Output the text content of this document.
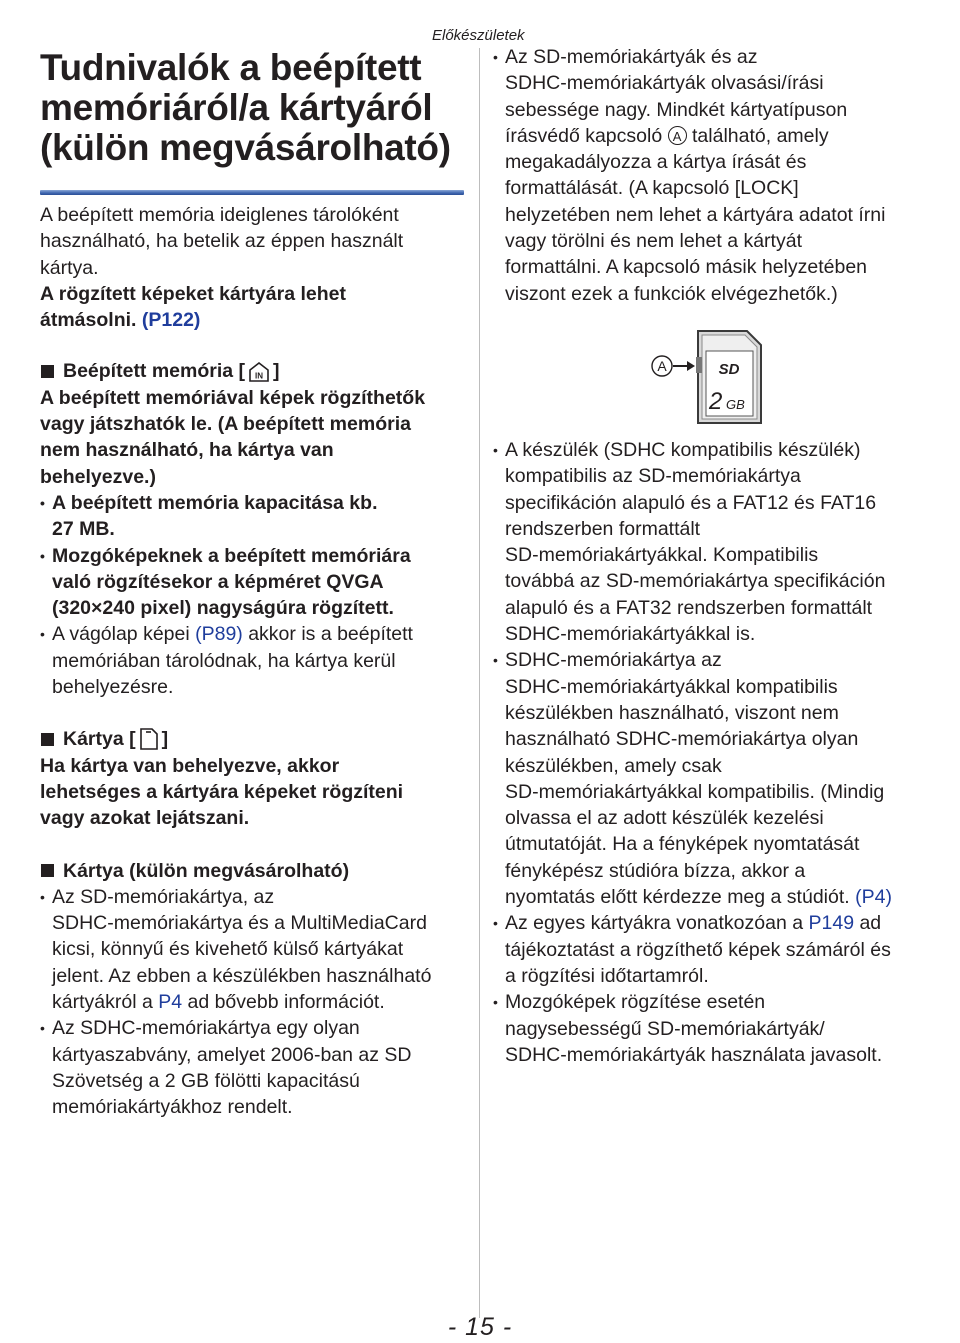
Előkészületek
Tudnivalók a beépített
memóriáról/a kártyáról
(külön megvásárolható)
A beépített memória ideiglenes tárolóként
használható, ha betelik az éppen használt
kártya.
A rögzített képeket kártyára lehet
átmásolni. (P122)
Beépített memória [ IN ]
A beépített memóriával képek rögzíthetők
vagy játszhatók le. (A beépített memória
nem használható, ha kártya van
behelyezve.)
• A beépített memória kapacitása kb.
27 MB.
• Mozgóképeknek a beépített memóriára
való rögzítésekor a képméret QVGA
(320×240 pixel) nagyságúra rögzített.
• A vágólap képei (P89) akkor is a beépített
memóriában tárolódnak, ha kártya kerül
behelyezésre.
Kártya [ ]
Ha kártya van behelyezve, akkor
lehetséges a kártyára képeket rögzíteni
vagy azokat lejátszani.
Kártya (külön megvásárolható)
• Az SD-memóriakártya, az
SDHC-memóriakártya és a MultiMediaCard
kicsi, könnyű és kivehető külső kártyákat
jelent. Az ebben a készülékben használható
kártyákról a P4 ad bővebb információt.
• Az SDHC-memóriakártya egy olyan
kártyaszabvány, amelyet 2006-ban az SD
Szövetség a 2 GB fölötti kapacitású
memóriakártyákhoz rendelt.
• Az SD-memóriakártyák és az
SDHC-memóriakártyák olvasási/írási
sebessége nagy. Mindkét kártyatípuson
írásvédő kapcsoló A található, amely
megakadályozza a kártya írását és
formattálását. (A kapcsoló [LOCK]
helyzetében nem lehet a kártyára adatot írni
vagy törölni és nem lehet a kártyát
formattálni. A kapcsoló másik helyzetében
viszont ezek a funkciók elvégezhetők.)
A	SD
2 GB
• A készülék (SDHC kompatibilis készülék)
kompatibilis az SD-memóriakártya
specifikáción alapuló és a FAT12 és FAT16
rendszerben formattált
SD-memóriakártyákkal. Kompatibilis
továbbá az SD-memóriakártya specifikáción
alapuló és a FAT32 rendszerben formattált
SDHC-memóriakártyákkal is.
• SDHC-memóriakártya az
SDHC-memóriakártyákkal kompatibilis
készülékben használható, viszont nem
használható SDHC-memóriakártya olyan
készülékben, amely csak
SD-memóriakártyákkal kompatibilis. (Mindig
olvassa el az adott készülék kezelési
útmutatóját. Ha a fényképek nyomtatását
fényképész stúdióra bízza, akkor a
nyomtatás előtt kérdezze meg a stúdiót. (P4)
• Az egyes kártyákra vonatkozóan a P149 ad
tájékoztatást a rögzíthető képek számáról és
a rögzítési időtartamról.
• Mozgóképek rögzítése esetén
nagysebességű SD-memóriakártyák/
SDHC-memóriakártyák használata javasolt.
- 15 -
